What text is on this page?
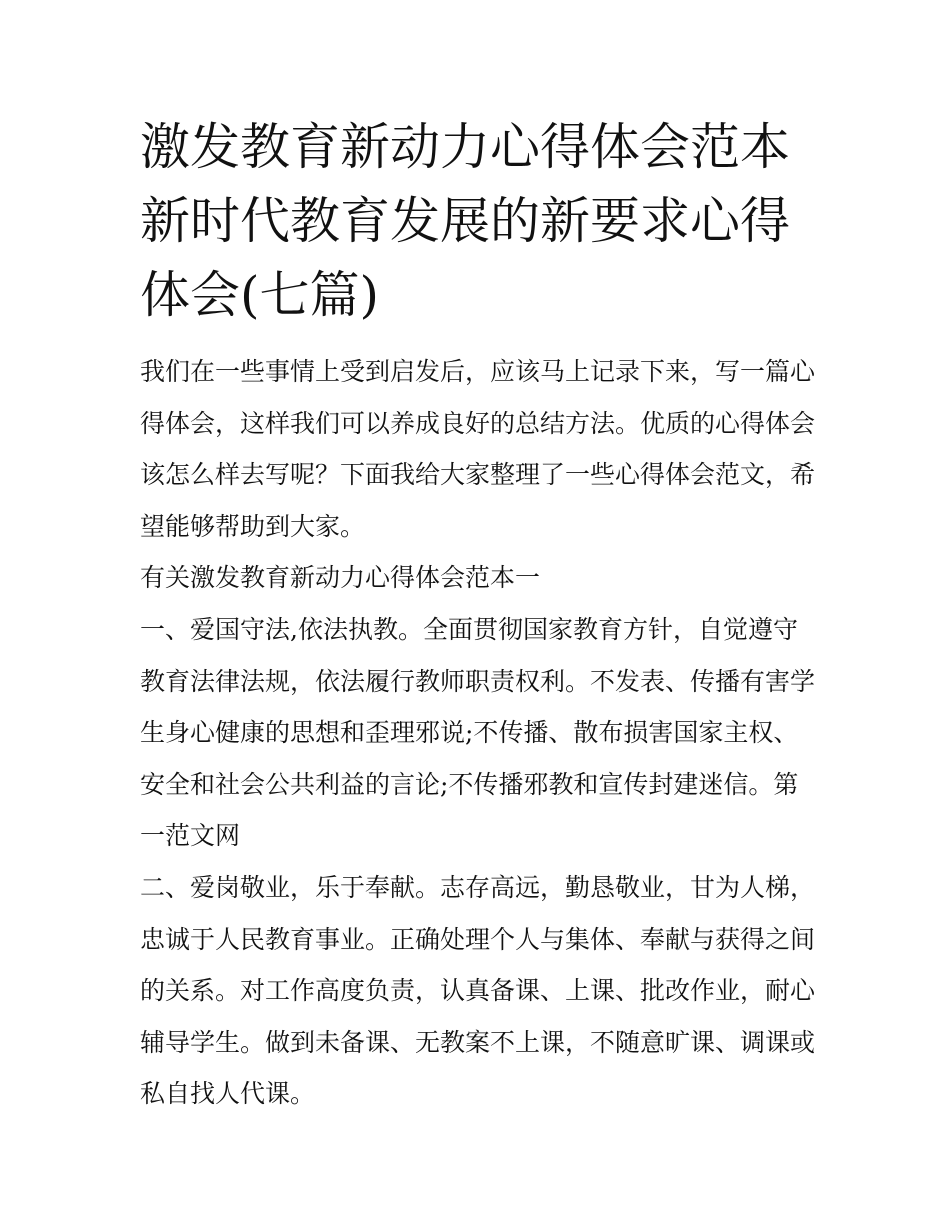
激发教育新动力心得体会范本
新时代教育发展的新要求心得
体会(七篇)

我们在一些事情上受到启发后，应该马上记录下来，写一篇心
得体会，这样我们可以养成良好的总结方法。优质的心得体会
该怎么样去写呢？下面我给大家整理了一些心得体会范文，希
望能够帮助到大家。

有关激发教育新动力心得体会范本一

一、爱国守法,依法执教。全面贯彻国家教育方针，自觉遵守
教育法律法规，依法履行教师职责权利。不发表、传播有害学
生身心健康的思想和歪理邪说;不传播、散布损害国家主权、
安全和社会公共利益的言论;不传播邪教和宣传封建迷信。第
一范文网

二、爱岗敬业，乐于奉献。志存高远，勤恳敬业，甘为人梯，
忠诚于人民教育事业。正确处理个人与集体、奉献与获得之间
的关系。对工作高度负责，认真备课、上课、批改作业，耐心
辅导学生。做到未备课、无教案不上课，不随意旷课、调课或
私自找人代课。
